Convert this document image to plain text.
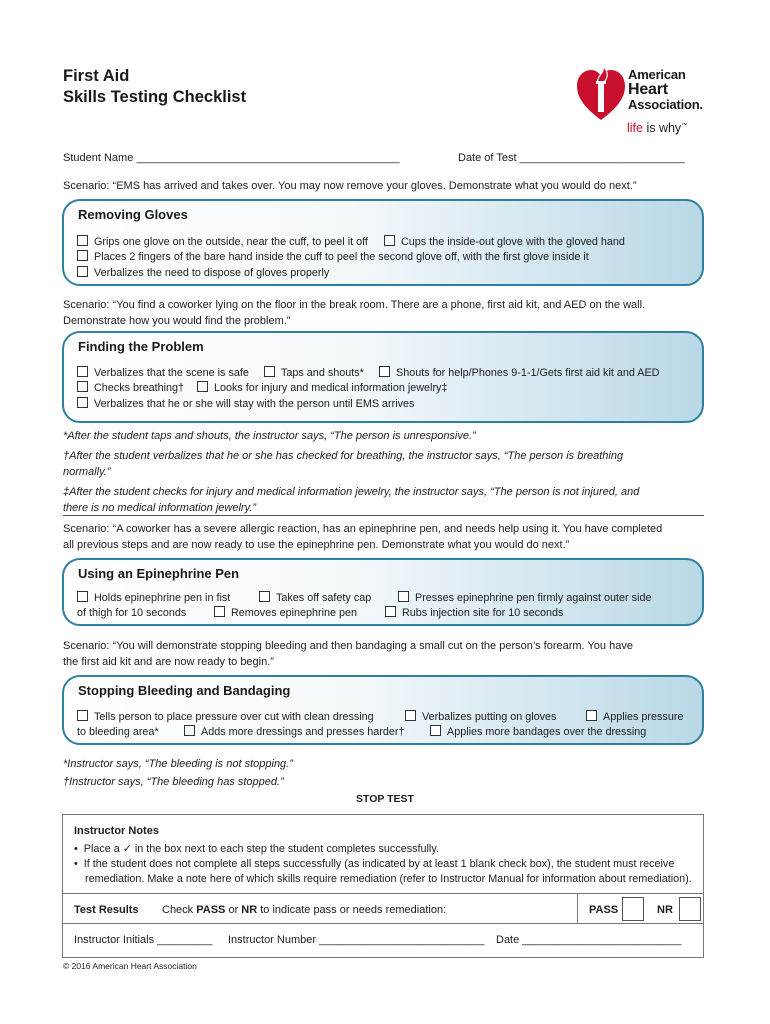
First Aid
Skills Testing Checklist
American
Heart
Association.
life is why™
Student Name ___________________________________________	Date of Test ___________________________
Scenario: “EMS has arrived and takes over. You may now remove your gloves. Demonstrate what you would do next.”
Removing Gloves
Grips one glove on the outside, near the cuff, to peel it off	Cups the inside-out glove with the gloved hand
Places 2 fingers of the bare hand inside the cuff to peel the second glove off, with the first glove inside it
Verbalizes the need to dispose of gloves properly
Scenario: “You find a coworker lying on the floor in the break room. There are a phone, first aid kit, and AED on the wall.
Demonstrate how you would find the problem.”
Finding the Problem
Verbalizes that the scene is safe	Taps and shouts*	Shouts for help/Phones 9-1-1/Gets first aid kit and AED
Checks breathing†	Looks for injury and medical information jewelry‡
Verbalizes that he or she will stay with the person until EMS arrives
*After the student taps and shouts, the instructor says, “The person is unresponsive.”
†After the student verbalizes that he or she has checked for breathing, the instructor says, “The person is breathing
normally.”
‡After the student checks for injury and medical information jewelry, the instructor says, “The person is not injured, and
there is no medical information jewelry.”
Scenario: “A coworker has a severe allergic reaction, has an epinephrine pen, and needs help using it. You have completed
all previous steps and are now ready to use the epinephrine pen. Demonstrate what you would do next.”
Using an Epinephrine Pen
Holds epinephrine pen in fist	Takes off safety cap	Presses epinephrine pen firmly against outer side
of thigh for 10 seconds	Removes epinephrine pen	Rubs injection site for 10 seconds
Scenario: “You will demonstrate stopping bleeding and then bandaging a small cut on the person’s forearm. You have
the first aid kit and are now ready to begin.”
Stopping Bleeding and Bandaging
Tells person to place pressure over cut with clean dressing	Verbalizes putting on gloves	Applies pressure
to bleeding area*	Adds more dressings and presses harder†	Applies more bandages over the dressing
*Instructor says, “The bleeding is not stopping.”
†Instructor says, “The bleeding has stopped.”
STOP TEST
Instructor Notes
•  Place a ✓ in the box next to each step the student completes successfully.
•  If the student does not complete all steps successfully (as indicated by at least 1 blank check box), the student must receive
remediation. Make a note here of which skills require remediation (refer to Instructor Manual for information about remediation).
Test Results Check PASS or NR to indicate pass or needs remediation:	PASS	NR
Instructor Initials _________ Instructor Number ___________________________ Date __________________________
© 2016 American Heart Association
